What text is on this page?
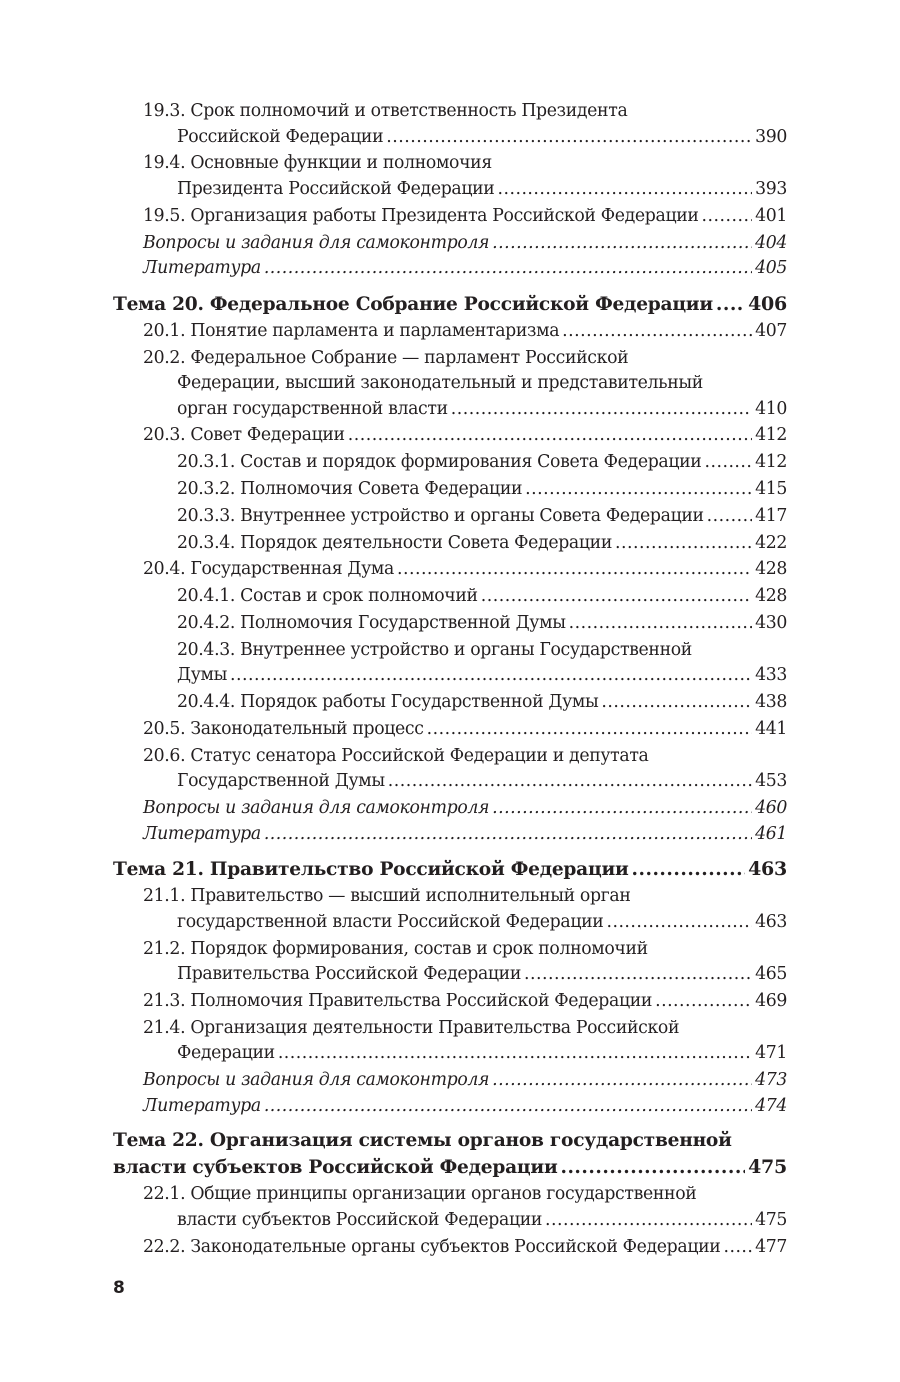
19.3. Срок полномочий и ответственность Президента
Российской Федерации .....	390
19.4. Основные функции и полномочия
Президента Российской Федерации .....	393
19.5. Организация работы Президента Российской Федерации .....	401
Вопросы и задания для самоконтроля .....	404
Литература .....	405
Тема 20. Федеральное Собрание Российской Федерации ..... 406
20.1. Понятие парламента и парламентаризма .....	407
20.2. Федеральное Собрание — парламент Российской
Федерации, высший законодательный и представительный
орган государственной власти .....	410
20.3. Совет Федерации .....	412
20.3.1. Состав и порядок формирования Совета Федерации .....	412
20.3.2. Полномочия Совета Федерации .....	415
20.3.3. Внутреннее устройство и органы Совета Федерации .....	417
20.3.4. Порядок деятельности Совета Федерации .....	422
20.4. Государственная Дума .....	428
20.4.1. Состав и срок полномочий .....	428
20.4.2. Полномочия Государственной Думы .....	430
20.4.3. Внутреннее устройство и органы Государственной
Думы .....	433
20.4.4. Порядок работы Государственной Думы .....	438
20.5. Законодательный процесс .....	441
20.6. Статус сенатора Российской Федерации и депутата
Государственной Думы .....	453
Вопросы и задания для самоконтроля .....	460
Литература .....	461
Тема 21. Правительство Российской Федерации .....	463
21.1. Правительство — высший исполнительный орган
государственной власти Российской Федерации .....	463
21.2. Порядок формирования, состав и срок полномочий
Правительства Российской Федерации .....	465
21.3. Полномочия Правительства Российской Федерации .....	469
21.4. Организация деятельности Правительства Российской
Федерации .....	471
Вопросы и задания для самоконтроля .....	473
Литература .....	474
Тема 22. Организация системы органов государственной
власти субъектов Российской Федерации .....	475
22.1. Общие принципы организации органов государственной
власти субъектов Российской Федерации .....	475
22.2. Законодательные органы субъектов Российской Федерации ..... 477
8
